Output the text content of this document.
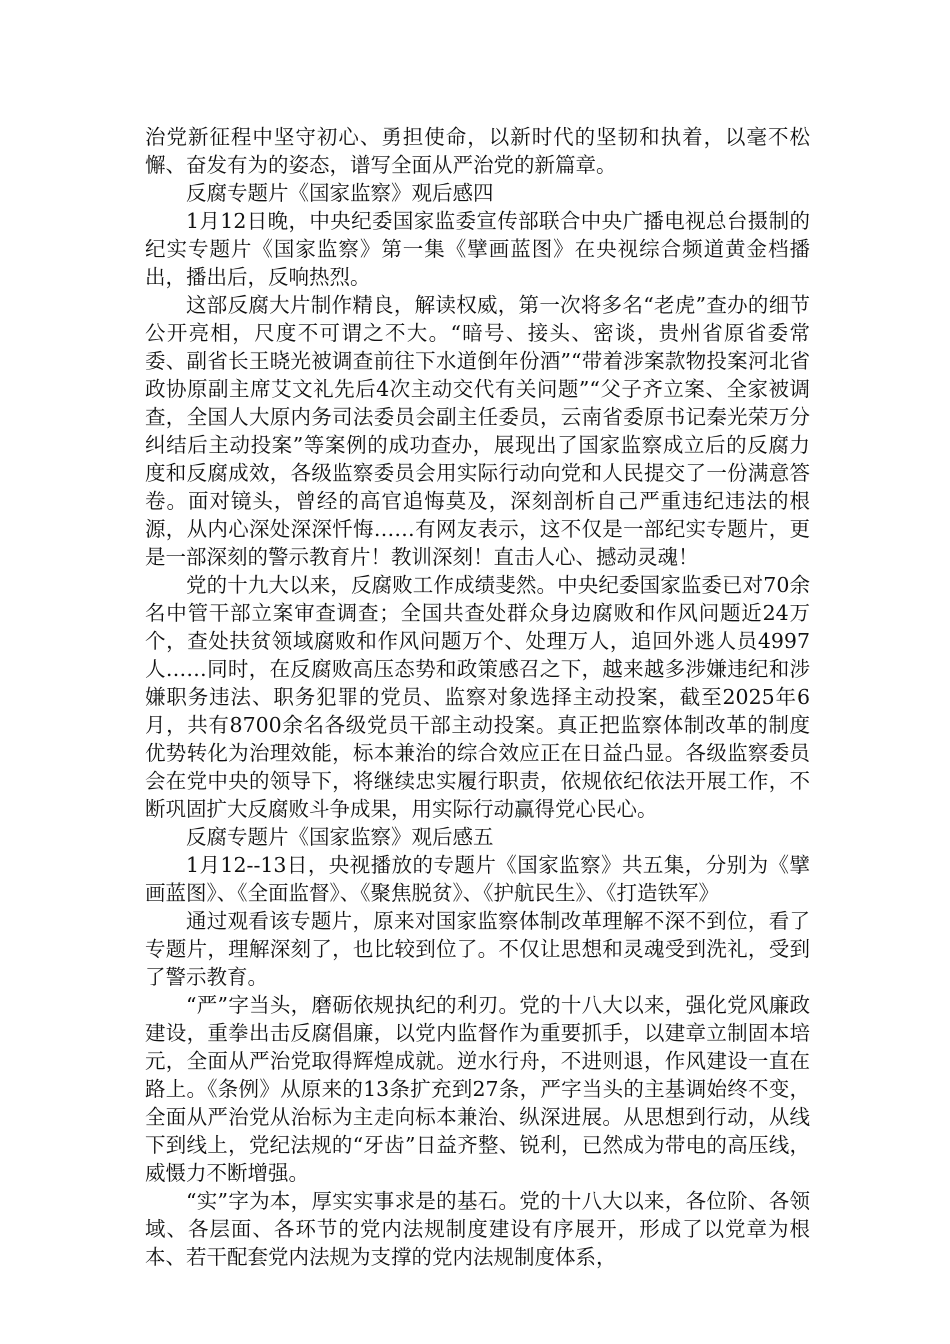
治党新征程中坚守初心、勇担使命，以新时代的坚韧和执着，以毫不松懈、奋发有为的姿态，谱写全面从严治党的新篇章。

反腐专题片《国家监察》观后感四

1月12日晚，中央纪委国家监委宣传部联合中央广播电视总台摄制的纪实专题片《国家监察》第一集《擘画蓝图》在央视综合频道黄金档播出，播出后，反响热烈。

这部反腐大片制作精良，解读权威，第一次将多名“老虎”查办的细节公开亮相，尺度不可谓之不大。“暗号、接头、密谈，贵州省原省委常委、副省长王晓光被调查前往下水道倒年份酒”“带着涉案款物投案河北省政协原副主席艾文礼先后4次主动交代有关问题”“父子齐立案、全家被调查，全国人大原内务司法委员会副主任委员，云南省委原书记秦光荣万分纠结后主动投案”等案例的成功查办，展现出了国家监察成立后的反腐力度和反腐成效，各级监察委员会用实际行动向党和人民提交了一份满意答卷。面对镜头，曾经的高官追悔莫及，深刻剖析自己严重违纪违法的根源，从内心深处深深忏悔……有网友表示，这不仅是一部纪实专题片，更是一部深刻的警示教育片！教训深刻！直击人心、撼动灵魂！

党的十九大以来，反腐败工作成绩斐然。中央纪委国家监委已对70余名中管干部立案审查调查；全国共查处群众身边腐败和作风问题近24万个，查处扶贫领域腐败和作风问题万个、处理万人，追回外逃人员4997人……同时，在反腐败高压态势和政策感召之下，越来越多涉嫌违纪和涉嫌职务违法、职务犯罪的党员、监察对象选择主动投案，截至2025年6月，共有8700余名各级党员干部主动投案。真正把监察体制改革的制度优势转化为治理效能，标本兼治的综合效应正在日益凸显。各级监察委员会在党中央的领导下，将继续忠实履行职责，依规依纪依法开展工作，不断巩固扩大反腐败斗争成果，用实际行动赢得党心民心。

反腐专题片《国家监察》观后感五

1月12--13日，央视播放的专题片《国家监察》共五集，分别为《擘画蓝图》、《全面监督》、《聚焦脱贫》、《护航民生》、《打造铁军》

通过观看该专题片，原来对国家监察体制改革理解不深不到位，看了专题片，理解深刻了，也比较到位了。不仅让思想和灵魂受到洗礼，受到了警示教育。

“严”字当头，磨砺依规执纪的利刃。党的十八大以来，强化党风廉政建设，重拳出击反腐倡廉，以党内监督作为重要抓手，以建章立制固本培元，全面从严治党取得辉煌成就。逆水行舟，不进则退，作风建设一直在路上。《条例》从原来的13条扩充到27条，严字当头的主基调始终不变，全面从严治党从治标为主走向标本兼治、纵深进展。从思想到行动，从线下到线上，党纪法规的“牙齿”日益齐整、锐利，已然成为带电的高压线，威慑力不断增强。

“实”字为本，厚实实事求是的基石。党的十八大以来，各位阶、各领域、各层面、各环节的党内法规制度建设有序展开，形成了以党章为根本、若干配套党内法规为支撑的党内法规制度体系，
